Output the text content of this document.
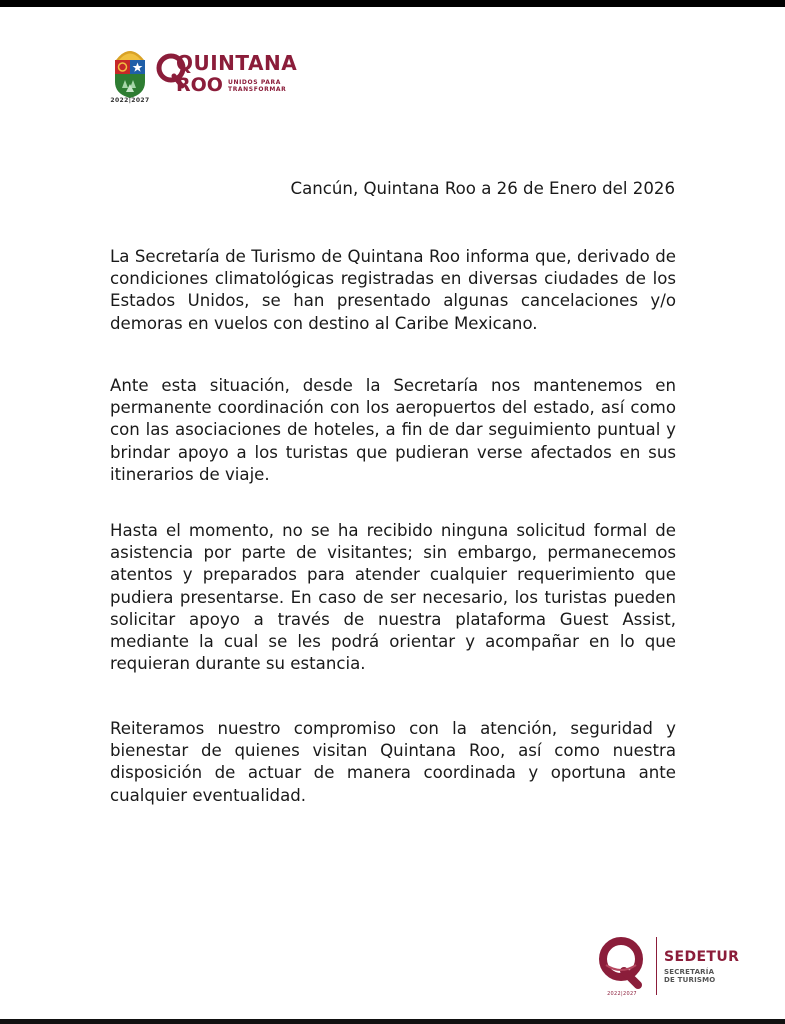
2022|2027
QUINTANA
ROO UNIDOS PARA
TRANSFORMAR
Cancún, Quintana Roo a 26 de Enero del 2026

La Secretaría de Turismo de Quintana Roo informa que, derivado de condiciones climatológicas registradas en diversas ciudades de los Estados Unidos, se han presentado algunas cancelaciones y/o demoras en vuelos con destino al Caribe Mexicano.

Ante esta situación, desde la Secretaría nos mantenemos en permanente coordinación con los aeropuertos del estado, así como con las asociaciones de hoteles, a fin de dar seguimiento puntual y brindar apoyo a los turistas que pudieran verse afectados en sus itinerarios de viaje.

Hasta el momento, no se ha recibido ninguna solicitud formal de asistencia por parte de visitantes; sin embargo, permanecemos atentos y preparados para atender cualquier requerimiento que pudiera presentarse. En caso de ser necesario, los turistas pueden solicitar apoyo a través de nuestra plataforma Guest Assist, mediante la cual se les podrá orientar y acompañar en lo que requieran durante su estancia.

Reiteramos nuestro compromiso con la atención, seguridad y bienestar de quienes visitan Quintana Roo, así como nuestra disposición de actuar de manera coordinada y oportuna ante cualquier eventualidad.

2022|2027
SEDETUR
SECRETARÍA
DE TURISMO
